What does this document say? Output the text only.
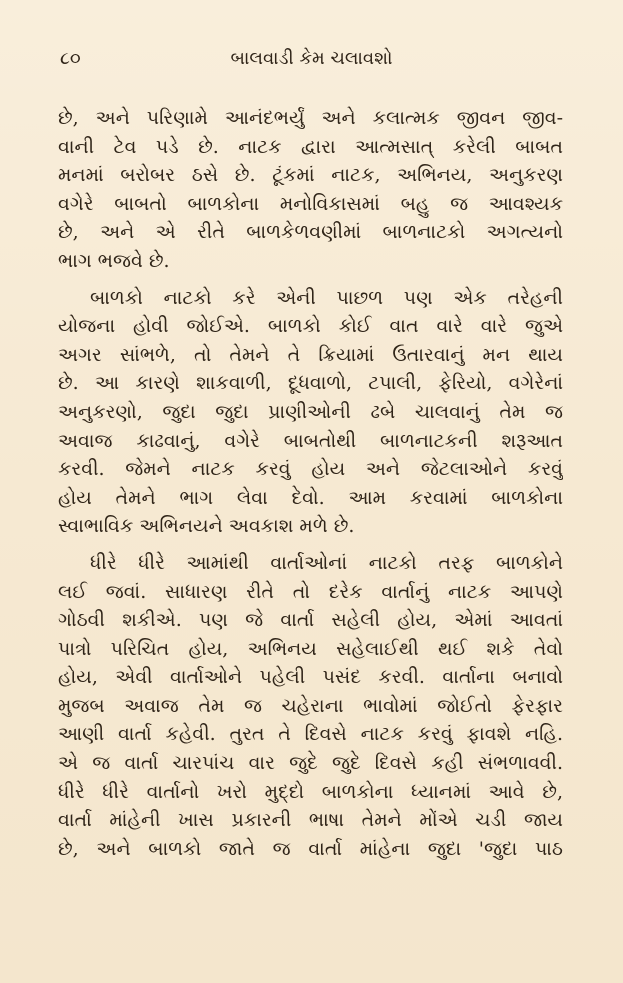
૮૦	બાલવાડી કેમ ચલાવશો
છે, અને પરિણામે આનંદભર્યું અને કલાત્મક જીવન જીવ-
વાની ટેવ પડે છે. નાટક દ્વારા આત્મસાત્ કરેલી બાબત
મનમાં બરોબર ઠસે છે. ટૂંકમાં નાટક, અભિનય, અનુકરણ
વગેરે બાબતો બાળકોના મનોવિકાસમાં બહુ જ આવશ્યક
છે, અને એ રીતે બાળકેળવણીમાં બાળનાટકો અગત્યનો
ભાગ ભજવે છે.
બાળકો નાટકો કરે એની પાછળ પણ એક તરેહની
યોજના હોવી જોઈએ. બાળકો કોઈ વાત વારે વારે જુએ
અગર સાંભળે, તો તેમને તે ક્રિયામાં ઉતારવાનું મન થાય
છે. આ કારણે શાકવાળી, દૂધવાળો, ટપાલી, ફેરિયો, વગેરેનાં
અનુકરણો, જુદા જુદા પ્રાણીઓની ઢબે ચાલવાનું તેમ જ
અવાજ કાઢવાનું, વગેરે બાબતોથી બાળનાટકની શરૂઆત
કરવી. જેમને નાટક કરવું હોય અને જેટલાઓને કરવું
હોય તેમને ભાગ લેવા દેવો. આમ કરવામાં બાળકોના
સ્વાભાવિક અભિનયને અવકાશ મળે છે.
ધીરે ધીરે આમાંથી વાર્તાઓનાં નાટકો તરફ બાળકોને
લઈ જવાં. સાધારણ રીતે તો દરેક વાર્તાનું નાટક આપણે
ગોઠવી શકીએ. પણ જે વાર્તા સહેલી હોય, એમાં આવતાં
પાત્રો પરિચિત હોય, અભિનય સહેલાઈથી થઈ શકે તેવો
હોય, એવી વાર્તાઓને પહેલી પસંદ કરવી. વાર્તાના બનાવો
મુજબ અવાજ તેમ જ ચહેરાના ભાવોમાં જોઈતો ફેરફાર
આણી વાર્તા કહેવી. તુરત તે દિવસે નાટક કરવું ફાવશે નહિ.
એ જ વાર્તા ચારપાંચ વાર જુદે જુદે દિવસે કહી સંભળાવવી.
ધીરે ધીરે વાર્તાનો ખરો મુદ્દો બાળકોના ધ્યાનમાં આવે છે,
વાર્તા માંહેની ખાસ પ્રકારની ભાષા તેમને મોંએ ચડી જાય
છે, અને બાળકો જાતે જ વાર્તા માંહેના જુદા 'જુદા પાઠ
